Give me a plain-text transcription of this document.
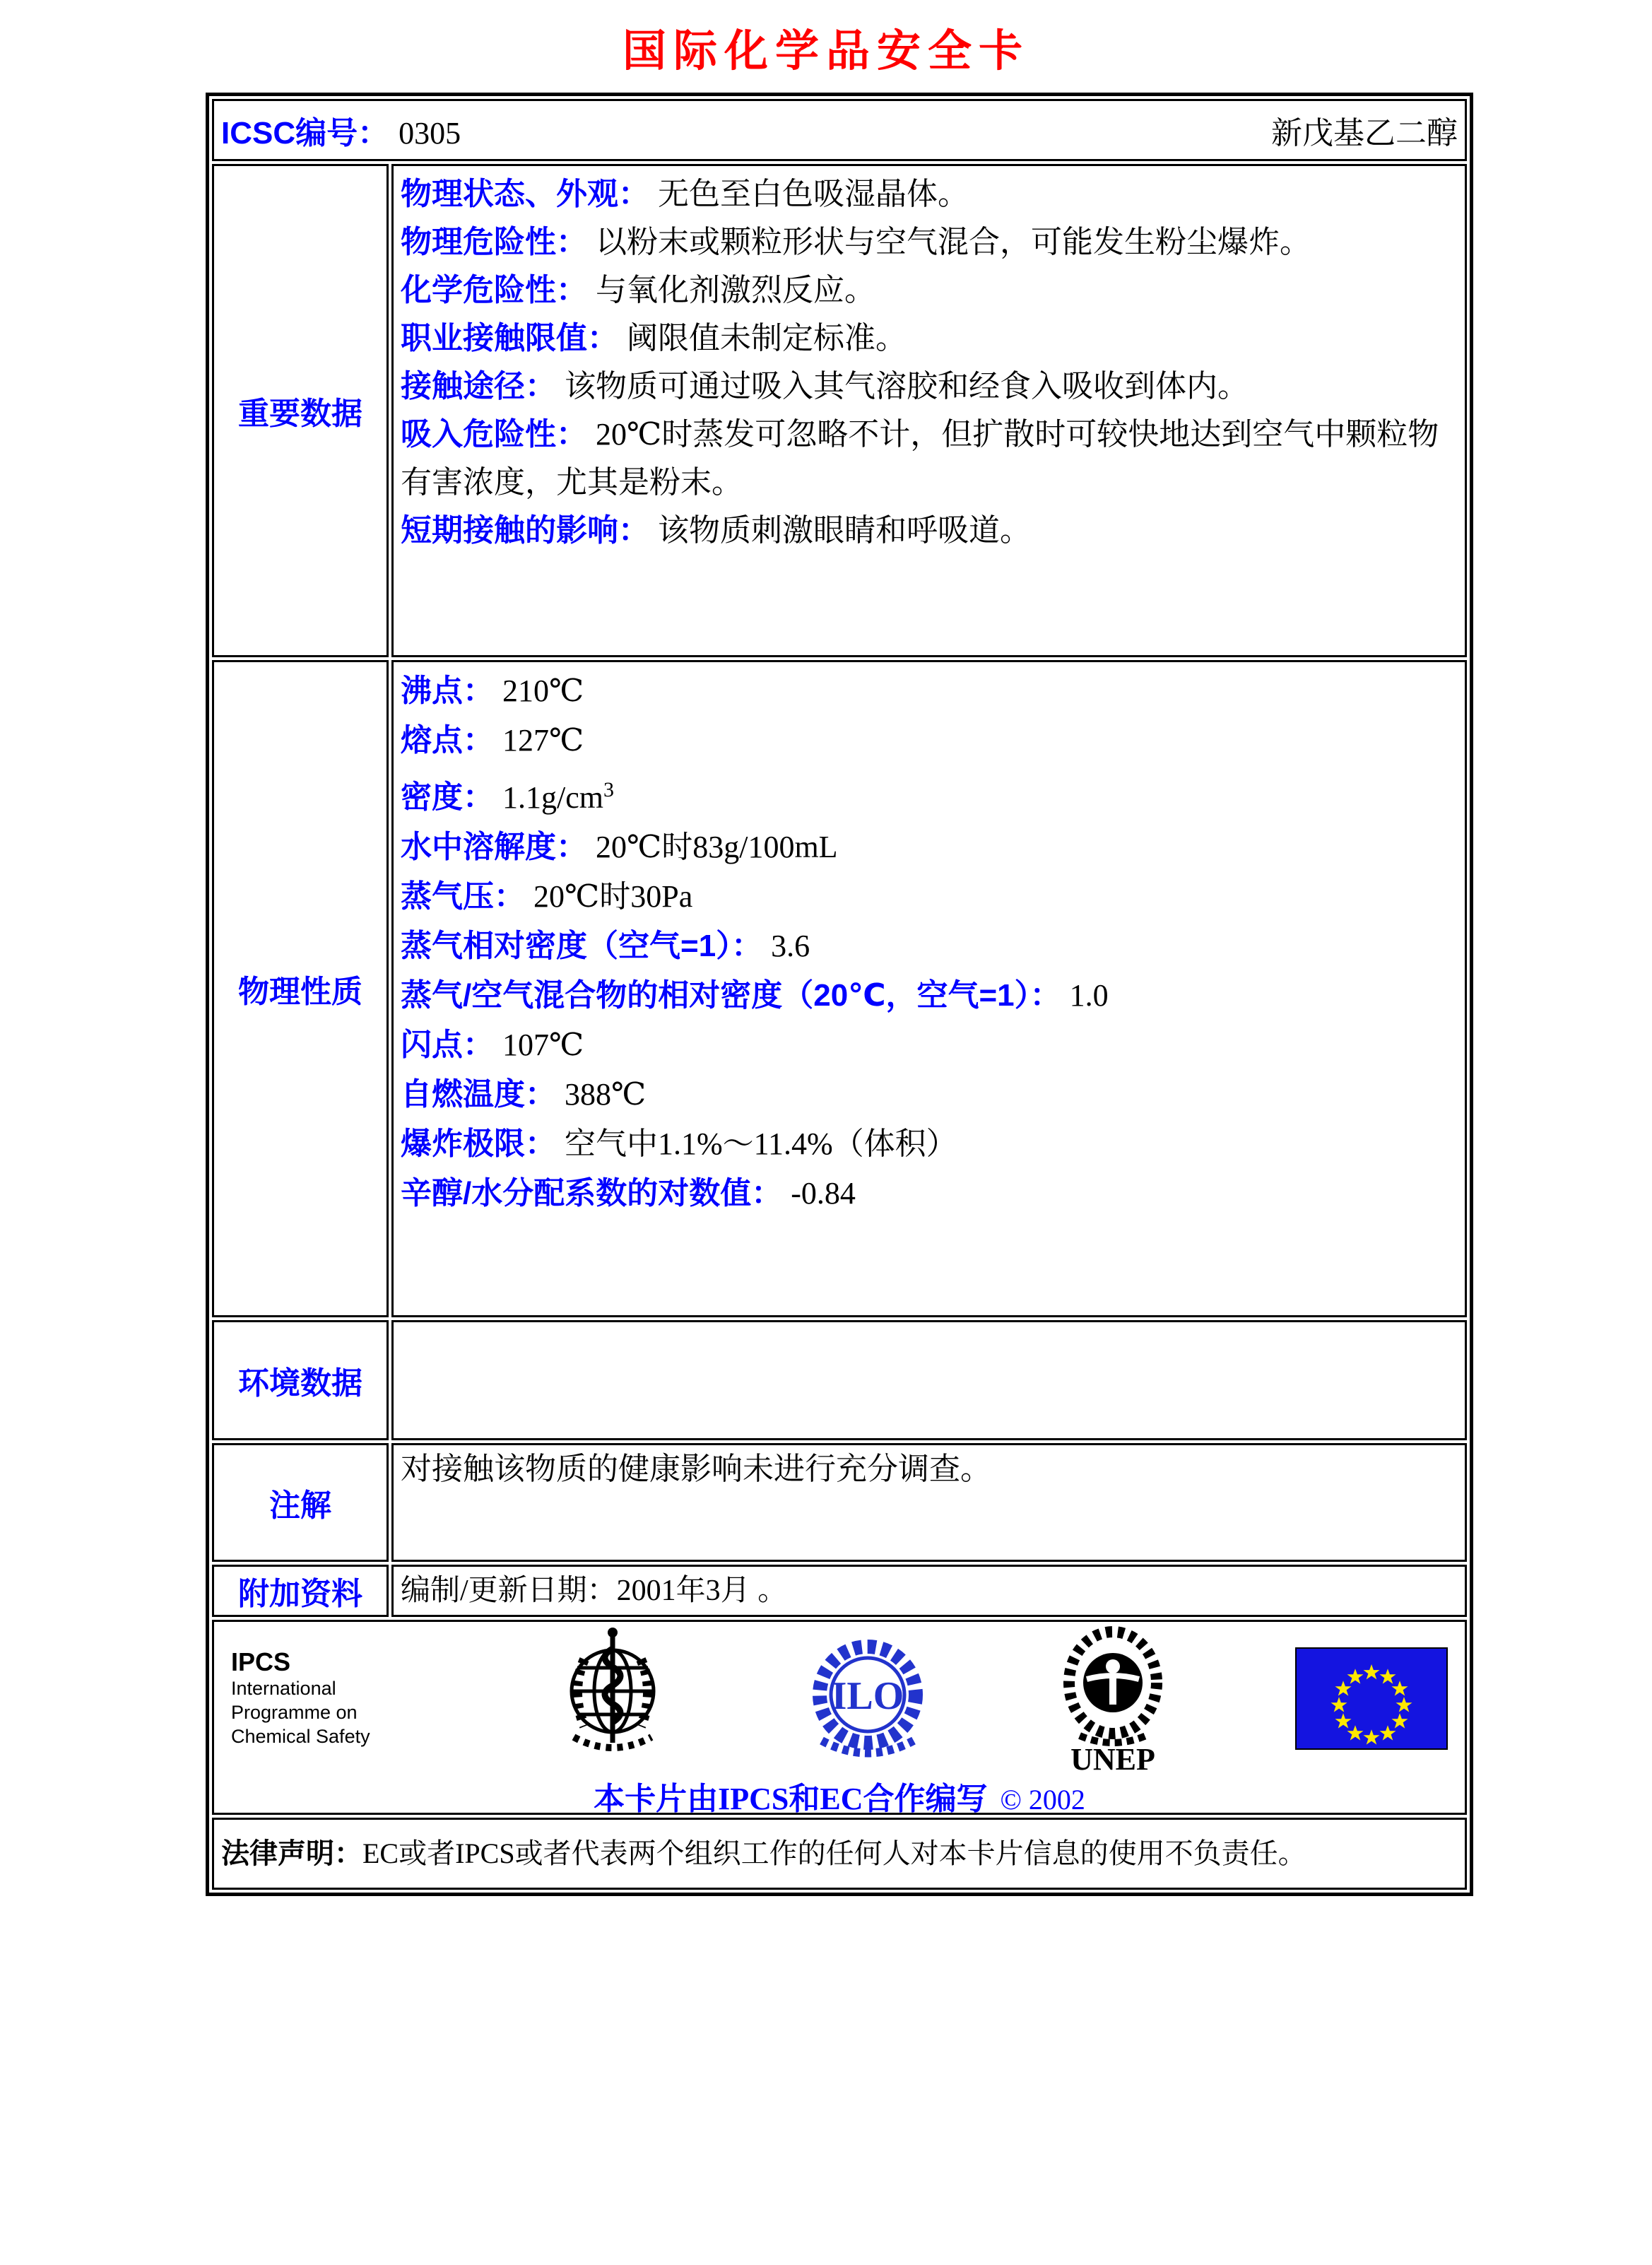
国际化学品安全卡
ICSC编号： 0305 新戊基乙二醇	

重要数据	
物理状态、外观： 无色至白色吸湿晶体。
物理危险性： 以粉末或颗粒形状与空气混合，可能发生粉尘爆炸。
化学危险性： 与氧化剂激烈反应。
职业接触限值： 阈限值未制定标准。
接触途径： 该物质可通过吸入其气溶胶和经食入吸收到体内。
吸入危险性： 20℃时蒸发可忽略不计，但扩散时可较快地达到空气中颗粒物有害浓度，尤其是粉末。
短期接触的影响： 该物质刺激眼睛和呼吸道。

物理性质	
沸点： 210℃
熔点： 127℃
密度： $1.1g/cm^3$
水中溶解度： 20℃时83g/100mL
蒸气压： 20℃时30Pa
蒸气相对密度（空气=1）： 3.6
蒸气/空气混合物的相对密度（20℃，空气=1）： 1.0
闪点： 107℃
自燃温度： 388℃
爆炸极限： 空气中1.1%～11.4%（体积）
辛醇/水分配系数的对数值： -0.84

环境数据	

注解	对接触该物质的健康影响未进行充分调查。

附加资料	编制/更新日期：2001年3月 。

IPCS
International
Programme on
Chemical Safety
ILO
UNEP
本卡片由IPCS和EC合作编写 © 2002

法律声明：EC或者IPCS或者代表两个组织工作的任何人对本卡片信息的使用不负责任。	
